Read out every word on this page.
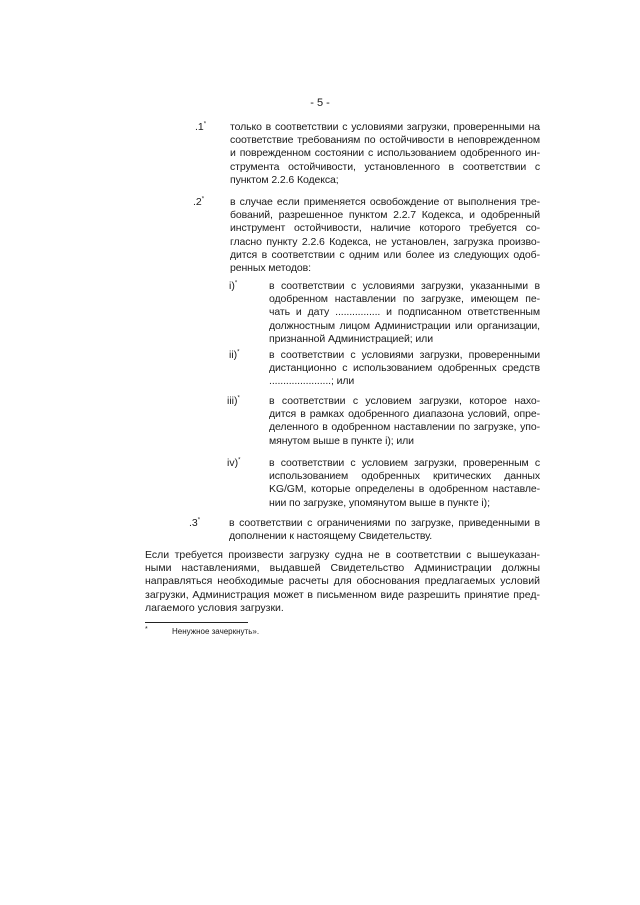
- 5 -
.1* только в соответствии с условиями загрузки, проверенными на
соответствие требованиям по остойчивости в неповрежденном
и поврежденном состоянии с использованием одобренного ин-
струмента остойчивости, установленного в соответствии с
пунктом 2.2.6 Кодекса;
.2* в случае если применяется освобождение от выполнения тре-
бований, разрешенное пунктом 2.2.7 Кодекса, и одобренный
инструмент остойчивости, наличие которого требуется со-
гласно пункту 2.2.6 Кодекса, не установлен, загрузка произво-
дится в соответствии с одним или более из следующих одоб-
ренных методов:
i)*	в соответствии с условиями загрузки, указанными в
одобренном наставлении по загрузке, имеющем пе-
чать и дату ................ и подписанном ответственным
должностным лицом Администрации или организации,
признанной Администрацией; или
ii)*	в соответствии с условиями загрузки, проверенными
дистанционно с использованием одобренных средств
......................; или
iii)*	в соответствии с условием загрузки, которое нахо-
дится в рамках одобренного диапазона условий, опре-
деленного в одобренном наставлении по загрузке, упо-
мянутом выше в пункте i); или
iv)*	в соответствии с условием загрузки, проверенным с
использованием одобренных критических данных
KG/GM, которые определены в одобренном наставле-
нии по загрузке, упомянутом выше в пункте i);
.3*	в соответствии с ограничениями по загрузке, приведенными в
дополнении к настоящему Свидетельству.
Если требуется произвести загрузку судна не в соответствии с вышеуказан-
ными наставлениями, выдавшей Свидетельство Администрации должны
направляться необходимые расчеты для обоснования предлагаемых условий
загрузки, Администрация может в письменном виде разрешить принятие пред-
лагаемого условия загрузки.
*	Ненужное зачеркнуть».
